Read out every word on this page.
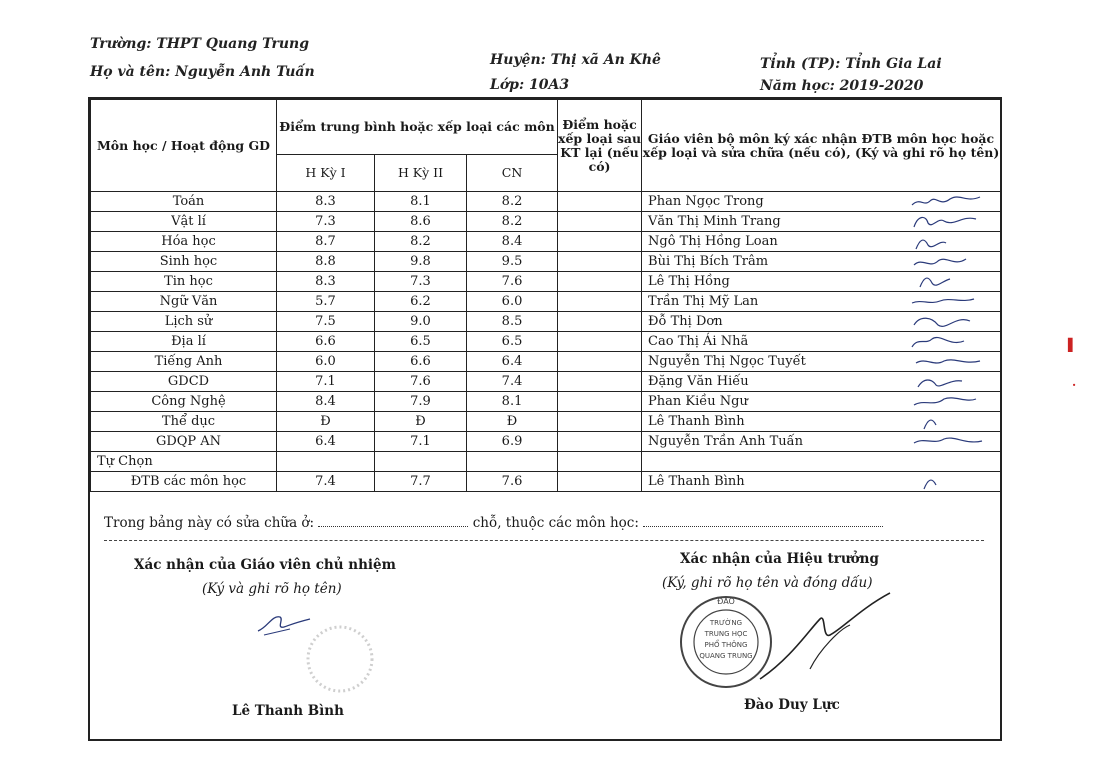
Trường: THPT Quang Trung
Họ và tên: Nguyễn Anh Tuấn
Huyện: Thị xã An Khê
Lớp: 10A3
Tỉnh (TP): Tỉnh Gia Lai
Năm học: 2019-2020
Môn học / Hoạt động GD	Điểm trung bình hoặc xếp loại các môn			Điểm hoặc xếp loại sau KT lại (nếu có)	Giáo viên bộ môn ký xác nhận ĐTB môn học hoặc xếp loại và sửa chữa (nếu có), (Ký và ghi rõ họ tên)
	H Kỳ I	H Kỳ II	CN		
Toán	8.3	8.1	8.2		Phan Ngọc Trong

Vật lí	7.3	8.6	8.2		Văn Thị Minh Trang

Hóa học	8.7	8.2	8.4		Ngô Thị Hồng Loan

Sinh học	8.8	9.8	9.5		Bùi Thị Bích Trâm

Tin học	8.3	7.3	7.6		Lê Thị Hồng

Ngữ Văn	5.7	6.2	6.0		Trần Thị Mỹ Lan

Lịch sử	7.5	9.0	8.5		Đỗ Thị Dơn

Địa lí	6.6	6.5	6.5		Cao Thị Ái Nhã

Tiếng Anh	6.0	6.6	6.4		Nguyễn Thị Ngọc Tuyết

GDCD	7.1	7.6	7.4		Đặng Văn Hiếu

Công Nghệ	8.4	7.9	8.1		Phan Kiều Ngư

Thể dục	Đ	Đ	Đ		Lê Thanh Bình

GDQP AN	6.4	7.1	6.9		Nguyễn Trần Anh Tuấn

Tự Chọn					
ĐTB các môn học	7.4	7.7	7.6		Lê Thanh Bình
Trong bảng này có sửa chữa ở:	chỗ, thuộc các môn học:
Xác nhận của Giáo viên chủ nhiệm
(Ký và ghi rõ họ tên)
Lê Thanh Bình
Xác nhận của Hiệu trưởng
(Ký, ghi rõ họ tên và đóng dấu)
ĐÀO
TRƯỜNG
TRUNG HỌC
PHỔ THÔNG
QUANG TRUNG
Đào Duy Lực
▌
·
